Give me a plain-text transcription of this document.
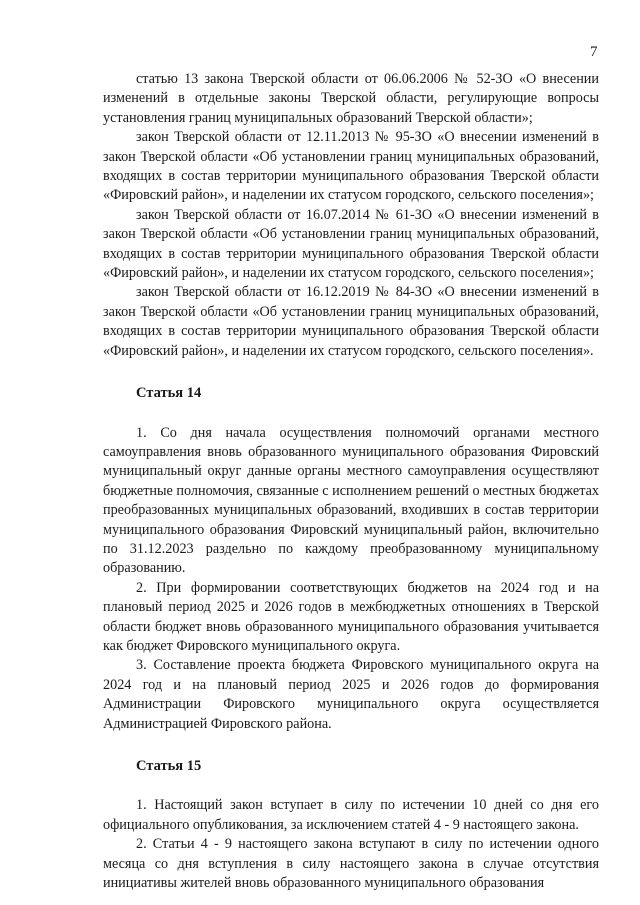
7

статью 13 закона Тверской области от 06.06.2006 № 52-ЗО «О внесении изменений в отдельные законы Тверской области, регулирующие вопросы установления границ муниципальных образований Тверской области»;

закон Тверской области от 12.11.2013 № 95-ЗО «О внесении изменений в закон Тверской области «Об установлении границ муниципальных образований, входящих в состав территории муниципального образования Тверской области «Фировский район», и наделении их статусом городского, сельского поселения»;

закон Тверской области от 16.07.2014 № 61-ЗО «О внесении изменений в закон Тверской области «Об установлении границ муниципальных образований, входящих в состав территории муниципального образования Тверской области «Фировский район», и наделении их статусом городского, сельского поселения»;

закон Тверской области от 16.12.2019 № 84-ЗО «О внесении изменений в закон Тверской области «Об установлении границ муниципальных образований, входящих в состав территории муниципального образования Тверской области «Фировский район», и наделении их статусом городского, сельского поселения».

Статья 14

1. Со дня начала осуществления полномочий органами местного самоуправления вновь образованного муниципального образования Фировский муниципальный округ данные органы местного самоуправления осуществляют бюджетные полномочия, связанные с исполнением решений о местных бюджетах преобразованных муниципальных образований, входивших в состав территории муниципального образования Фировский муниципальный район, включительно по 31.12.2023 раздельно по каждому преобразованному муниципальному образованию.

2. При формировании соответствующих бюджетов на 2024 год и на плановый период 2025 и 2026 годов в межбюджетных отношениях в Тверской области бюджет вновь образованного муниципального образования учитывается как бюджет Фировского муниципального округа.

3. Составление проекта бюджета Фировского муниципального округа на 2024 год и на плановый период 2025 и 2026 годов до формирования Администрации Фировского муниципального округа осуществляется Администрацией Фировского района.

Статья 15

1. Настоящий закон вступает в силу по истечении 10 дней со дня его официального опубликования, за исключением статей 4 - 9 настоящего закона.

2. Статьи 4 - 9 настоящего закона вступают в силу по истечении одного месяца со дня вступления в силу настоящего закона в случае отсутствия инициативы жителей вновь образованного муниципального образования
